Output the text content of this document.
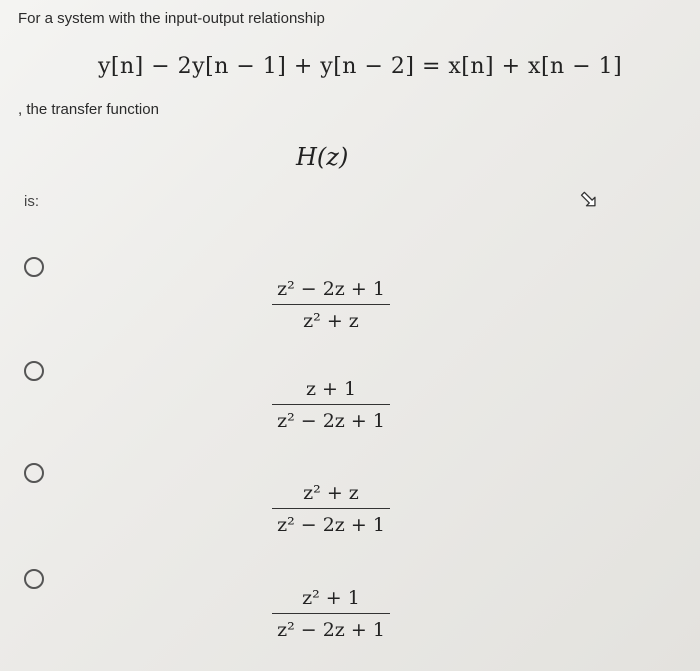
For a system with the input-output relationship
y[n] − 2y[n − 1] + y[n − 2] = x[n] + x[n − 1]
, the transfer function
H(z)
is:
z² − 2z + 1
z² + z
z + 1
z² − 2z + 1
z² + z
z² − 2z + 1
z² + 1
z² − 2z + 1
